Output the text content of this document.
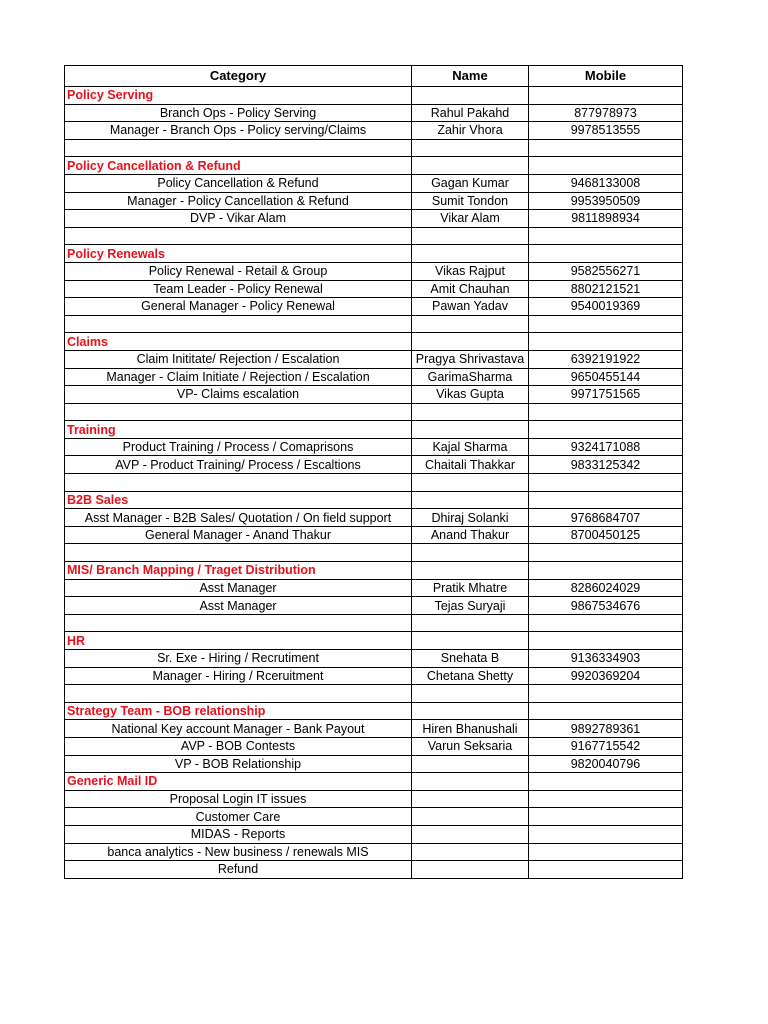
Category	Name	Mobile
Policy Serving		
Branch Ops - Policy Serving	Rahul Pakahd	877978973
Manager - Branch Ops - Policy serving/Claims	Zahir Vhora	9978513555

Policy Cancellation & Refund		
Policy Cancellation & Refund	Gagan Kumar	9468133008
Manager - Policy Cancellation & Refund	Sumit Tondon	9953950509
DVP - Vikar Alam	Vikar Alam	9811898934

Policy Renewals		
Policy Renewal - Retail & Group	Vikas Rajput	9582556271
Team Leader - Policy Renewal	Amit Chauhan	8802121521
General Manager - Policy Renewal	Pawan Yadav	9540019369

Claims		
Claim Inititate/ Rejection / Escalation	Pragya Shrivastava	6392191922
Manager - Claim Initiate / Rejection / Escalation	GarimaSharma	9650455144
VP- Claims escalation	Vikas Gupta	9971751565

Training		
Product Training / Process / Comaprisons	Kajal Sharma	9324171088
AVP - Product Training/ Process / Escaltions	Chaitali Thakkar	9833125342

B2B Sales		
Asst Manager - B2B Sales/ Quotation / On field support	Dhiraj Solanki	9768684707
General Manager - Anand Thakur	Anand Thakur	8700450125

MIS/ Branch Mapping / Traget Distribution		
Asst Manager	Pratik Mhatre	8286024029
Asst Manager	Tejas Suryaji	9867534676

HR		
Sr. Exe - Hiring / Recrutiment	Snehata B	9136334903
Manager - Hiring / Rceruitment	Chetana Shetty	9920369204

Strategy Team - BOB relationship		
National Key account Manager - Bank Payout	Hiren Bhanushali	9892789361
AVP - BOB Contests	Varun Seksaria	9167715542
VP - BOB Relationship		9820040796
Generic Mail ID		
Proposal Login IT issues		
Customer Care		
MIDAS - Reports		
banca analytics - New business / renewals MIS		
Refund		
